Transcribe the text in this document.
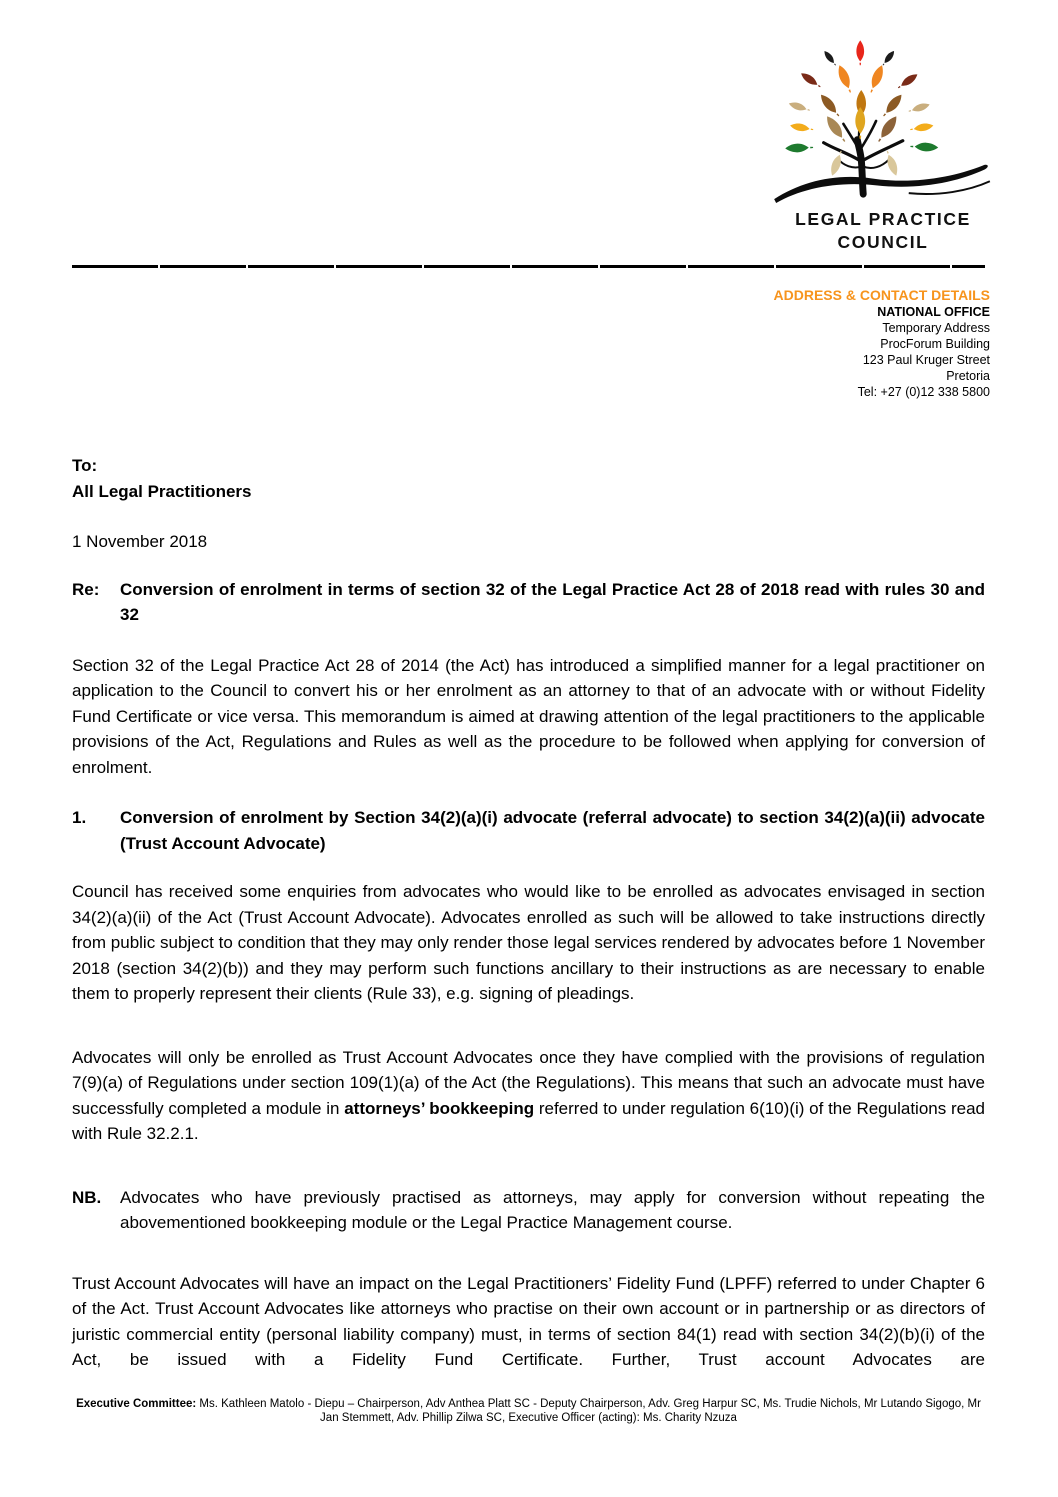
LEGAL PRACTICE
COUNCIL
ADDRESS & CONTACT DETAILS
NATIONAL OFFICE
Temporary Address
ProcForum Building
123 Paul Kruger Street
Pretoria
Tel: +27 (0)12 338 5800
To:
All Legal Practitioners
1 November 2018
Re:	Conversion of enrolment in terms of section 32 of the Legal Practice Act 28 of 2018 read with rules 30 and 32

Section 32 of the Legal Practice Act 28 of 2014 (the Act) has introduced a simplified manner for a legal practitioner on application to the Council to convert his or her enrolment as an attorney to that of an advocate with or without Fidelity Fund Certificate or vice versa. This memorandum is aimed at drawing attention of the legal practitioners to the applicable provisions of the Act, Regulations and Rules as well as the procedure to be followed when applying for conversion of enrolment.

1.	Conversion of enrolment by Section 34(2)(a)(i) advocate (referral advocate) to section 34(2)(a)(ii) advocate (Trust Account Advocate)

Council has received some enquiries from advocates who would like to be enrolled as advocates envisaged in section 34(2)(a)(ii) of the Act (Trust Account Advocate). Advocates enrolled as such will be allowed to take instructions directly from public subject to condition that they may only render those legal services rendered by advocates before 1 November 2018 (section 34(2)(b)) and they may perform such functions ancillary to their instructions as are necessary to enable them to properly represent their clients (Rule 33), e.g. signing of pleadings.

Advocates will only be enrolled as Trust Account Advocates once they have complied with the provisions of regulation 7(9)(a) of Regulations under section 109(1)(a) of the Act (the Regulations). This means that such an advocate must have successfully completed a module in attorneys’ bookkeeping referred to under regulation 6(10)(i) of the Regulations read with Rule 32.2.1.

NB.	Advocates who have previously practised as attorneys, may apply for conversion without repeating the abovementioned bookkeeping module or the Legal Practice Management course.

Trust Account Advocates will have an impact on the Legal Practitioners’ Fidelity Fund (LPFF) referred to under Chapter 6 of the Act. Trust Account Advocates like attorneys who practise on their own account or in partnership or as directors of juristic commercial entity (personal liability company) must, in terms of section 84(1) read with section 34(2)(b)(i) of the Act, be issued with a Fidelity Fund Certificate. Further, Trust account Advocates are

Executive Committee: Ms. Kathleen Matolo - Diepu – Chairperson, Adv Anthea Platt SC - Deputy Chairperson, Adv. Greg Harpur SC, Ms. Trudie Nichols, Mr Lutando Sigogo, Mr Jan Stemmett, Adv. Phillip Zilwa SC, Executive Officer (acting): Ms. Charity Nzuza
